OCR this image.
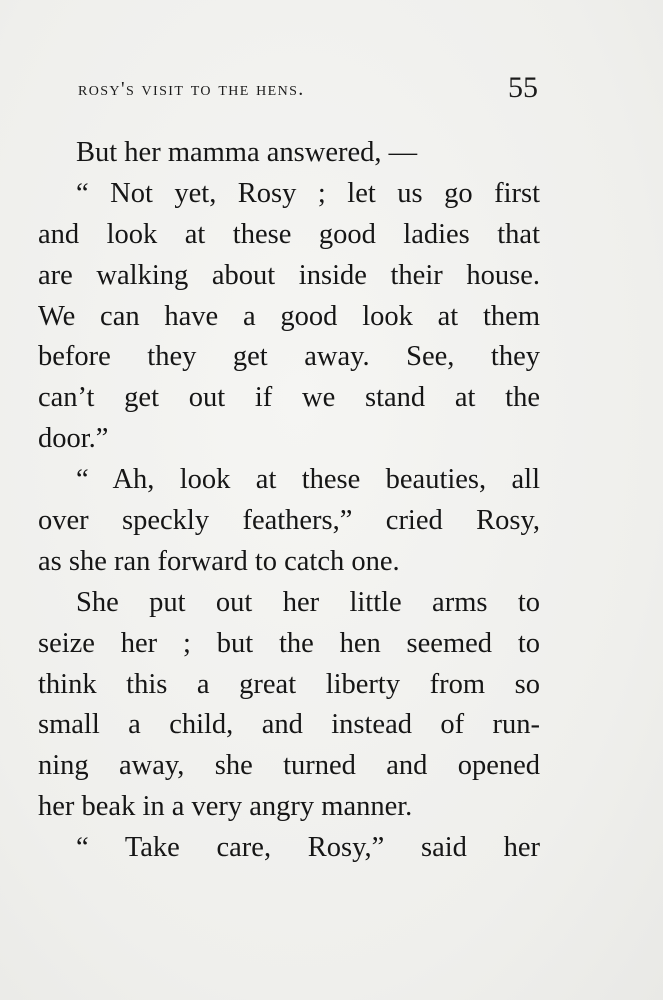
rosy's visit to the hens.	55
But her mamma answered, —
“ Not yet, Rosy ; let us go first
and look at these good ladies that
are walking about inside their house.
We can have a good look at them
before they get away. See, they
can’t get out if we stand at the
door.”
“ Ah, look at these beauties, all
over speckly feathers,” cried Rosy,
as she ran forward to catch one.
She put out her little arms to
seize her ; but the hen seemed to
think this a great liberty from so
small a child, and instead of run-
ning away, she turned and opened
her beak in a very angry manner.
“ Take care, Rosy,” said her
